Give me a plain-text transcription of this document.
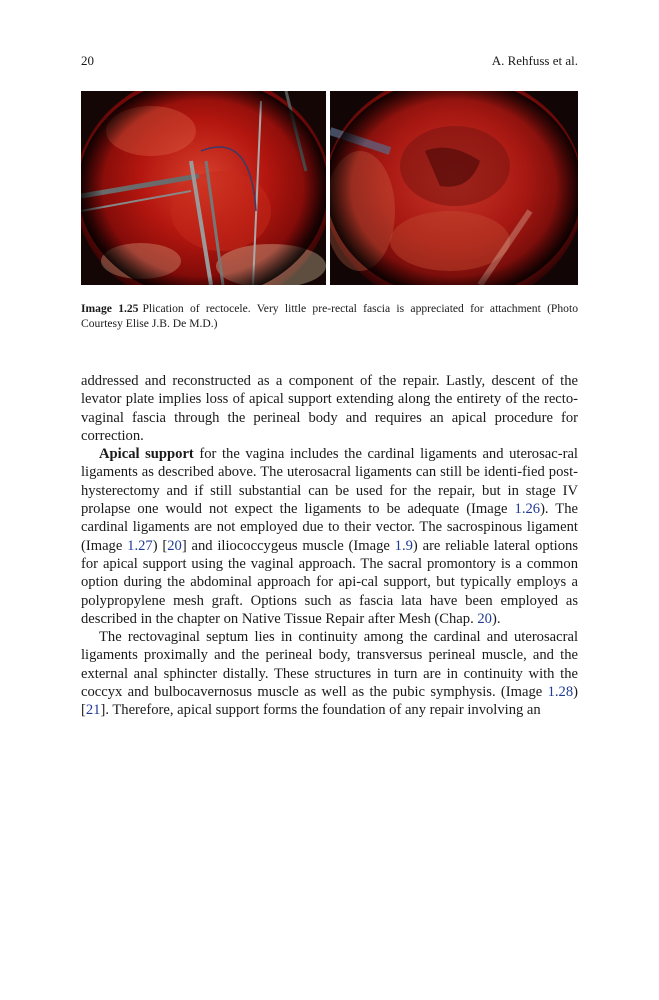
20	A. Rehfuss et al.
Image 1.25 Plication of rectocele. Very little pre-rectal fascia is appreciated for attachment (Photo Courtesy Elise J.B. De M.D.)

addressed and reconstructed as a component of the repair. Lastly, descent of the levator plate implies loss of apical support extending along the entirety of the recto-vaginal fascia through the perineal body and requires an apical procedure for correction.

Apical support for the vagina includes the cardinal ligaments and uterosac-ral ligaments as described above. The uterosacral ligaments can still be identi-fied post-hysterectomy and if still substantial can be used for the repair, but in stage IV prolapse one would not expect the ligaments to be adequate (Image 1.26). The cardinal ligaments are not employed due to their vector. The sacrospinous ligament (Image 1.27) [20] and iliococcygeus muscle (Image 1.9) are reliable lateral options for apical support using the vaginal approach. The sacral promontory is a common option during the abdominal approach for api-cal support, but typically employs a polypropylene mesh graft. Options such as fascia lata have been employed as described in the chapter on Native Tissue Repair after Mesh (Chap. 20).

The rectovaginal septum lies in continuity among the cardinal and uterosacral ligaments proximally and the perineal body, transversus perineal muscle, and the external anal sphincter distally. These structures in turn are in continuity with the coccyx and bulbocavernosus muscle as well as the pubic symphysis. (Image 1.28) [21]. Therefore, apical support forms the foundation of any repair involving an
